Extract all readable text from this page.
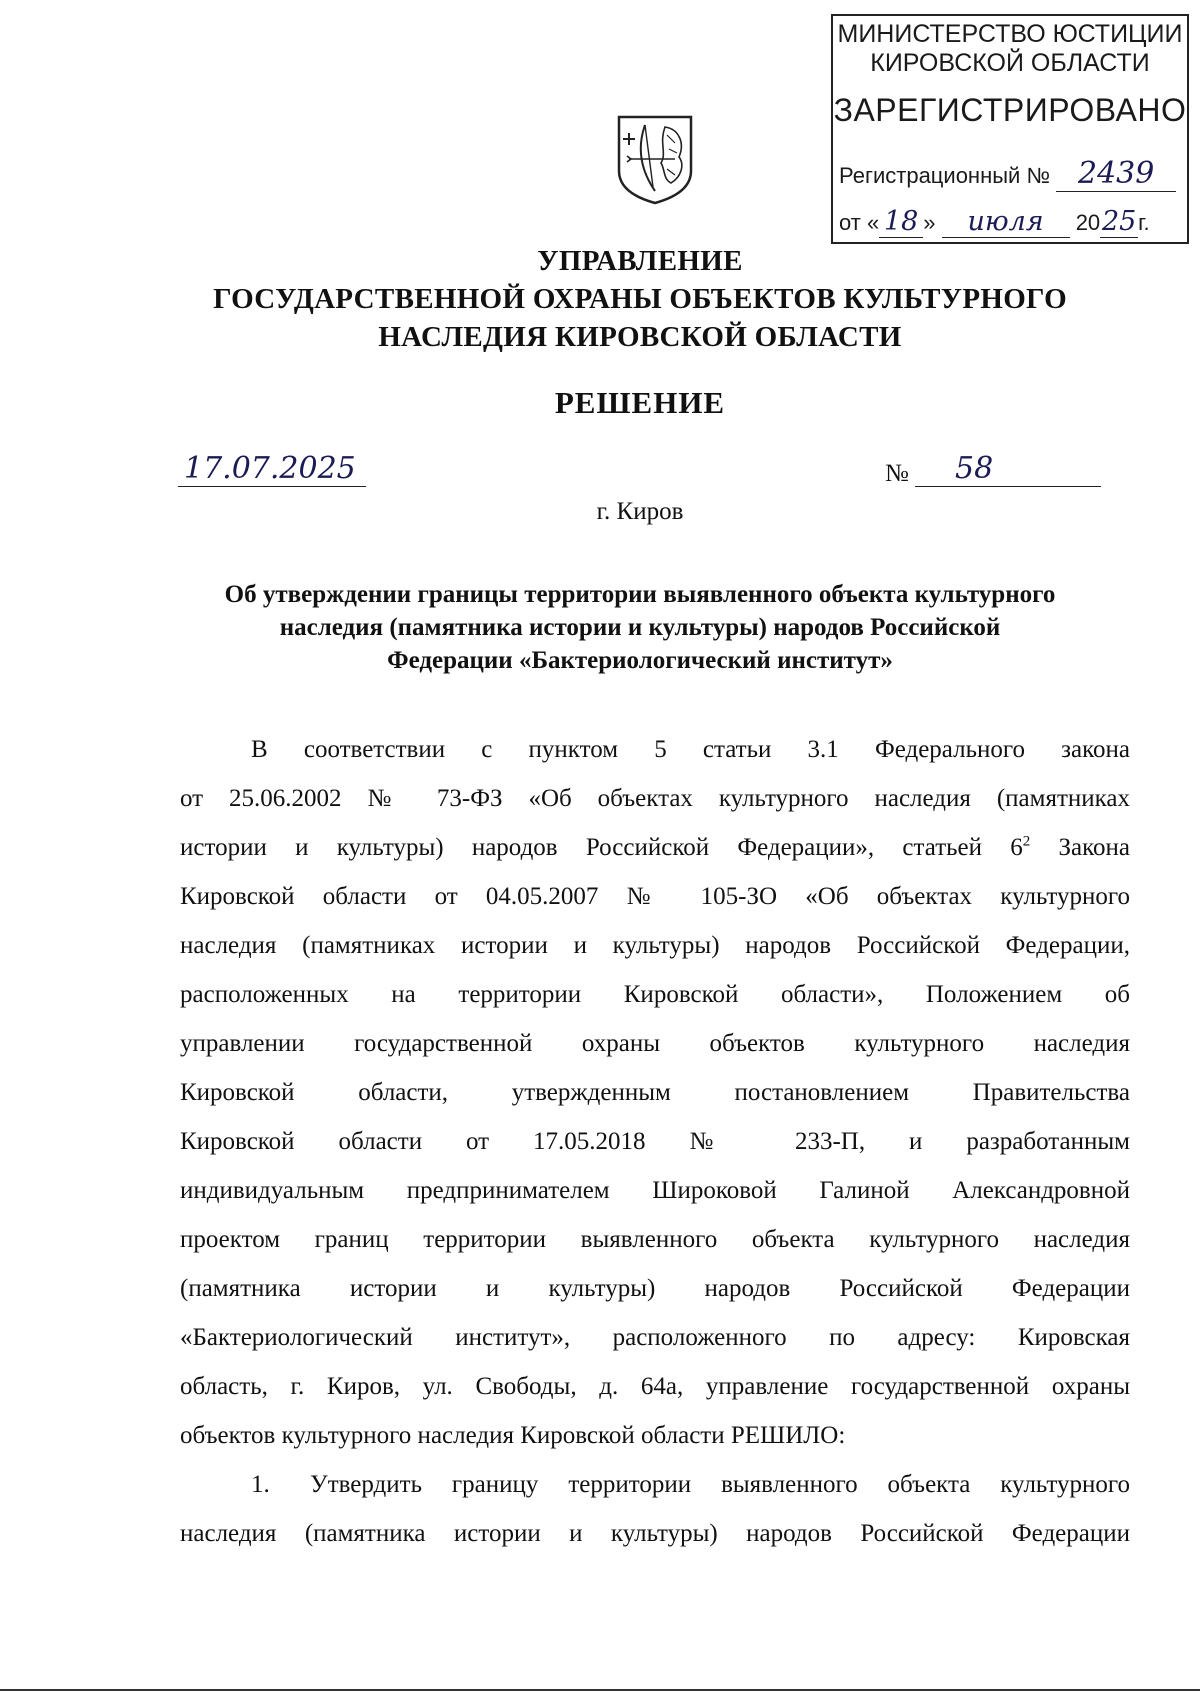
МИНИСТЕРСТВО ЮСТИЦИИ
КИРОВСКОЙ ОБЛАСТИ
ЗАРЕГИСТРИРОВАНО
Регистрационный № 2439
от « 18 » июля 2025г.
УПРАВЛЕНИЕ
ГОСУДАРСТВЕННОЙ ОХРАНЫ ОБЪЕКТОВ КУЛЬТУРНОГО
НАСЛЕДИЯ КИРОВСКОЙ ОБЛАСТИ
РЕШЕНИЕ
17.07.2025	№	58
г. Киров
Об утверждении границы территории выявленного объекта культурного
наследия (памятника истории и культуры) народов Российской
Федерации «Бактериологический институт»
В соответствии с пунктом 5 статьи 3.1 Федерального закона
от 25.06.2002 № 73-ФЗ «Об объектах культурного наследия (памятниках
истории и культуры) народов Российской Федерации», статьей $6^2$ Закона
Кировской области от 04.05.2007 № 105-ЗО «Об объектах культурного
наследия (памятниках истории и культуры) народов Российской Федерации,
расположенных на территории Кировской области», Положением об
управлении государственной охраны объектов культурного наследия
Кировской области, утвержденным постановлением Правительства
Кировской области от 17.05.2018 № 233-П, и разработанным
индивидуальным предпринимателем Широковой Галиной Александровной
проектом границ территории выявленного объекта культурного наследия
(памятника истории и культуры) народов Российской Федерации
«Бактериологический институт», расположенного по адресу: Кировская
область, г. Киров, ул. Свободы, д. 64а, управление государственной охраны
объектов культурного наследия Кировской области РЕШИЛО:
1. Утвердить границу территории выявленного объекта культурного
наследия (памятника истории и культуры) народов Российской Федерации
